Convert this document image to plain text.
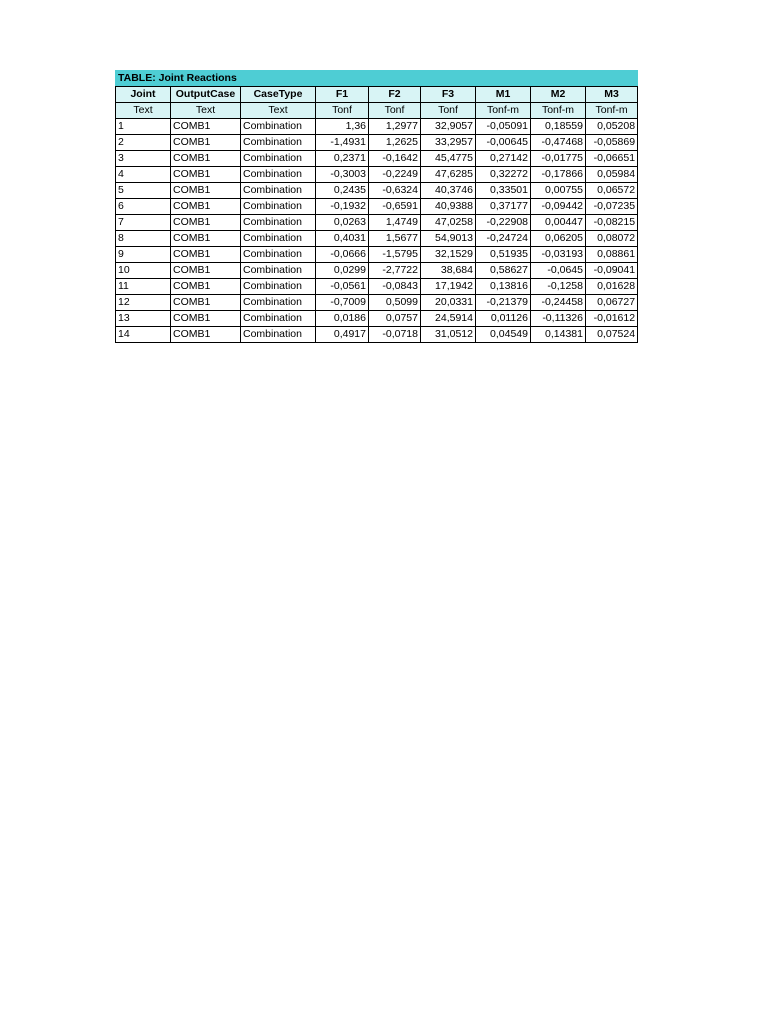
TABLE: Joint Reactions								
Joint	OutputCase	CaseType	F1	F2	F3	M1	M2	M3
Text	Text	Text	Tonf	Tonf	Tonf	Tonf-m	Tonf-m	Tonf-m
1	COMB1	Combination	1,36	1,2977	32,9057	-0,05091	0,18559	0,05208
2	COMB1	Combination	-1,4931	1,2625	33,2957	-0,00645	-0,47468	-0,05869
3	COMB1	Combination	0,2371	-0,1642	45,4775	0,27142	-0,01775	-0,06651
4	COMB1	Combination	-0,3003	-0,2249	47,6285	0,32272	-0,17866	0,05984
5	COMB1	Combination	0,2435	-0,6324	40,3746	0,33501	0,00755	0,06572
6	COMB1	Combination	-0,1932	-0,6591	40,9388	0,37177	-0,09442	-0,07235
7	COMB1	Combination	0,0263	1,4749	47,0258	-0,22908	0,00447	-0,08215
8	COMB1	Combination	0,4031	1,5677	54,9013	-0,24724	0,06205	0,08072
9	COMB1	Combination	-0,0666	-1,5795	32,1529	0,51935	-0,03193	0,08861
10	COMB1	Combination	0,0299	-2,7722	38,684	0,58627	-0,0645	-0,09041
11	COMB1	Combination	-0,0561	-0,0843	17,1942	0,13816	-0,1258	0,01628
12	COMB1	Combination	-0,7009	0,5099	20,0331	-0,21379	-0,24458	0,06727
13	COMB1	Combination	0,0186	0,0757	24,5914	0,01126	-0,11326	-0,01612
14	COMB1	Combination	0,4917	-0,0718	31,0512	0,04549	0,14381	0,07524
